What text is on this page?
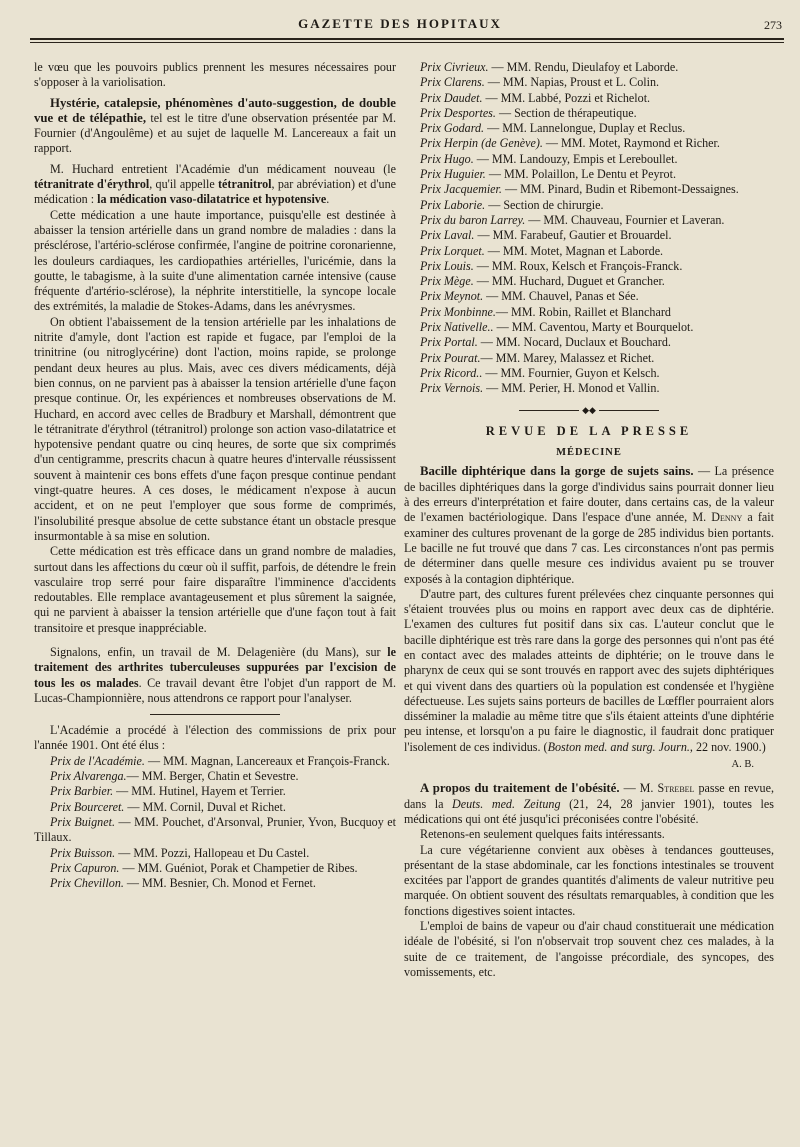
GAZETTE DES HOPITAUX	273

le vœu que les pouvoirs publics prennent les mesures nécessaires pour s'opposer à la variolisation.

Hystérie, catalepsie, phénomènes d'auto-suggestion, de double vue et de télépathie, tel est le titre d'une observation présentée par M. Fournier (d'Angoulême) et au sujet de laquelle M. Lancereaux a fait un rapport.

M. Huchard entretient l'Académie d'un médicament nouveau (le tétranitrate d'érythrol, qu'il appelle tétranitrol, par abréviation) et d'une médication : la médication vaso-dilatatrice et hypotensive.

Cette médication a une haute importance, puisqu'elle est destinée à abaisser la tension artérielle dans un grand nombre de maladies : dans la présclérose, l'artério-sclérose confirmée, l'angine de poitrine coronarienne, les douleurs cardiaques, les cardiopathies artérielles, l'uricémie, dans la goutte, le tabagisme, à la suite d'une alimentation carnée intensive (cause fréquente d'artério-sclérose), la néphrite interstitielle, la syncope locale des extrémités, la maladie de Stokes-Adams, dans les anévrysmes.

On obtient l'abaissement de la tension artérielle par les inhalations de nitrite d'amyle, dont l'action est rapide et fugace, par l'emploi de la trinitrine (ou nitroglycérine) dont l'action, moins rapide, se prolonge pendant deux heures au plus. Mais, avec ces divers médicaments, déjà bien connus, on ne parvient pas à abaisser la tension artérielle d'une façon presque continue. Or, les expériences et nombreuses observations de M. Huchard, en accord avec celles de Bradbury et Marshall, démontrent que le tétranitrate d'érythrol (tétranitrol) prolonge son action vaso-dilatatrice et hypotensive pendant quatre ou cinq heures, de sorte que six comprimés d'un centigramme, prescrits chacun à quatre heures d'intervalle réussissent souvent à maintenir ces bons effets d'une façon presque continue pendant vingt-quatre heures. A ces doses, le médicament n'expose à aucun accident, et on ne peut l'employer que sous forme de comprimés, l'insolubilité presque absolue de cette substance étant un obstacle presque insurmontable à sa mise en solution.

Cette médication est très efficace dans un grand nombre de maladies, surtout dans les affections du cœur où il suffit, parfois, de détendre le frein vasculaire trop serré pour faire disparaître l'imminence d'accidents redoutables. Elle remplace avantageusement et plus sûrement la saignée, qui ne parvient à abaisser la tension artérielle que d'une façon tout à fait transitoire et presque inappréciable.

Signalons, enfin, un travail de M. Delagenière (du Mans), sur le traitement des arthrites tuberculeuses suppurées par l'excision de tous les os malades. Ce travail devant être l'objet d'un rapport de M. Lucas-Championnière, nous attendrons ce rapport pour l'analyser.

L'Académie a procédé à l'élection des commissions de prix pour l'année 1901. Ont été élus :

Prix de l'Académie. — MM. Magnan, Lancereaux et François-Franck.

Prix Alvarenga.— MM. Berger, Chatin et Sevestre.

Prix Barbier. — MM. Hutinel, Hayem et Terrier.

Prix Bourceret. — MM. Cornil, Duval et Richet.

Prix Buignet. — MM. Pouchet, d'Arsonval, Prunier, Yvon, Bucquoy et Tillaux.

Prix Buisson. — MM. Pozzi, Hallopeau et Du Castel.

Prix Capuron. — MM. Guéniot, Porak et Champetier de Ribes.

Prix Chevillon. — MM. Besnier, Ch. Monod et Fernet.

Prix Civrieux. — MM. Rendu, Dieulafoy et Laborde.

Prix Clarens. — MM. Napias, Proust et L. Colin.

Prix Daudet. — MM. Labbé, Pozzi et Richelot.

Prix Desportes. — Section de thérapeutique.

Prix Godard. — MM. Lannelongue, Duplay et Reclus.

Prix Herpin (de Genève). — MM. Motet, Raymond et Richer.

Prix Hugo. — MM. Landouzy, Empis et Lereboullet.

Prix Huguier. — MM. Polaillon, Le Dentu et Peyrot.

Prix Jacquemier. — MM. Pinard, Budin et Ribemont-Dessaignes.

Prix Laborie. — Section de chirurgie.

Prix du baron Larrey. — MM. Chauveau, Fournier et Laveran.

Prix Laval. — MM. Farabeuf, Gautier et Brouardel.

Prix Lorquet. — MM. Motet, Magnan et Laborde.

Prix Louis. — MM. Roux, Kelsch et François-Franck.

Prix Mège. — MM. Huchard, Duguet et Grancher.

Prix Meynot. — MM. Chauvel, Panas et Sée.

Prix Monbinne.— MM. Robin, Raillet et Blanchard

Prix Nativelle.. — MM. Caventou, Marty et Bourquelot.

Prix Portal. — MM. Nocard, Duclaux et Bouchard.

Prix Pourat.— MM. Marey, Malassez et Richet.

Prix Ricord.. — MM. Fournier, Guyon et Kelsch.

Prix Vernois. — MM. Perier, H. Monod et Vallin.

◆◆
REVUE DE LA PRESSE
MÉDECINE

Bacille diphtérique dans la gorge de sujets sains. — La présence de bacilles diphtériques dans la gorge d'individus sains pourrait donner lieu à des erreurs d'interprétation et faire douter, dans certains cas, de la valeur de l'examen bactériologique. Dans l'espace d'une année, M. Denny a fait examiner des cultures provenant de la gorge de 285 individus bien portants. Le bacille ne fut trouvé que dans 7 cas. Les circonstances n'ont pas permis de déterminer dans quelle mesure ces individus avaient pu se trouver exposés à la contagion diphtérique.

D'autre part, des cultures furent prélevées chez cinquante personnes qui s'étaient trouvées plus ou moins en rapport avec deux cas de diphtérie. L'examen des cultures fut positif dans six cas. L'auteur conclut que le bacille diphtérique est très rare dans la gorge des personnes qui n'ont pas été en contact avec des malades atteints de diphtérie; on le trouve dans le pharynx de ceux qui se sont trouvés en rapport avec des sujets diphtériques et qui vivent dans des quartiers où la population est condensée et l'hygiène défectueuse. Les sujets sains porteurs de bacilles de Lœffler pourraient alors disséminer la maladie au même titre que s'ils étaient atteints d'une diphtérie peu intense, et lorsqu'on a pu faire le diagnostic, il faudrait donc pratiquer l'isolement de ces individus. (Boston med. and surg. Journ., 22 nov. 1900.)

A. B.

A propos du traitement de l'obésité. — M. Strebel passe en revue, dans la Deuts. med. Zeitung (21, 24, 28 janvier 1901), toutes les médications qui ont été jusqu'ici préconisées contre l'obésité.

Retenons-en seulement quelques faits intéressants.

La cure végétarienne convient aux obèses à tendances goutteuses, présentant de la stase abdominale, car les fonctions intestinales se trouvent excitées par l'apport de grandes quantités d'aliments de valeur nutritive peu marquée. On obtient souvent des résultats remarquables, à condition que les fonctions digestives soient intactes.

L'emploi de bains de vapeur ou d'air chaud constituerait une médication idéale de l'obésité, si l'on n'observait trop souvent chez ces malades, à la suite de ce traitement, de l'angoisse précordiale, des syncopes, des vomissements, etc.
